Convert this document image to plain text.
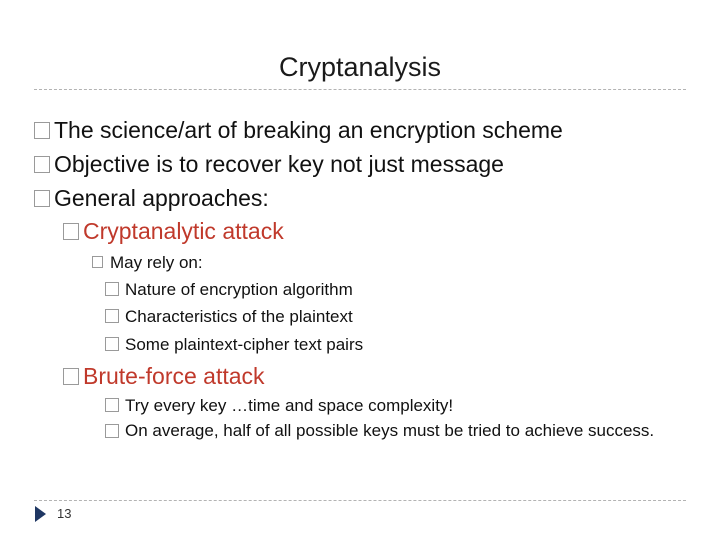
Cryptanalysis
The science/art of breaking an encryption scheme
Objective is to recover key not just message
General approaches:
Cryptanalytic attack
May rely on:
Nature of encryption algorithm
Characteristics of the plaintext
Some plaintext-cipher text pairs
Brute-force attack
Try every key …time and space complexity!
On average, half of all possible keys must be tried to achieve success.
13
